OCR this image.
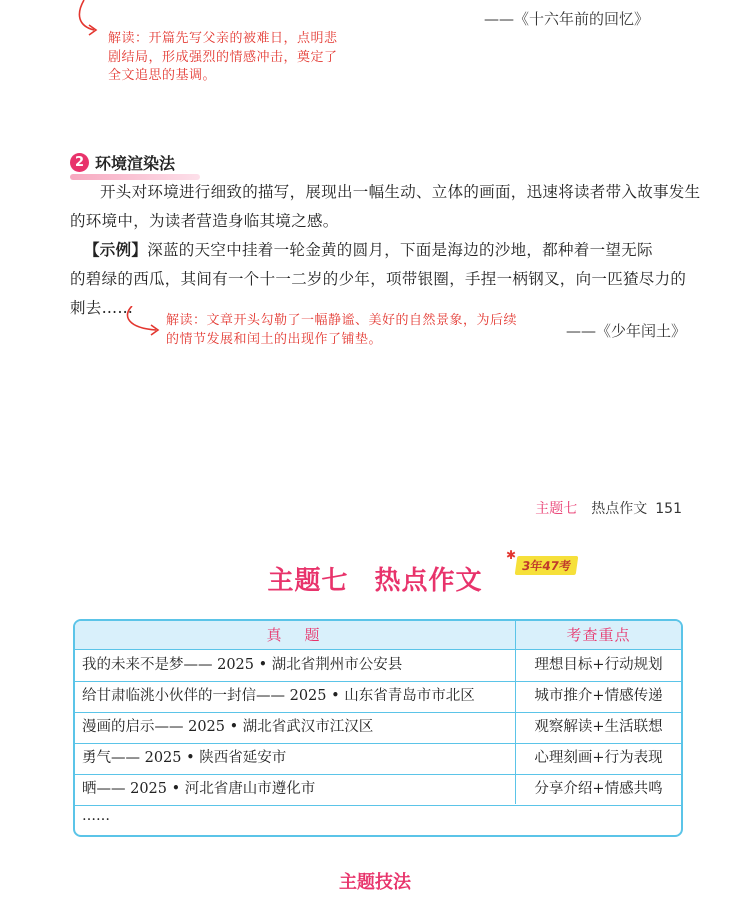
——《十六年前的回忆》
解读：开篇先写父亲的被难日，点明悲
剧结局，形成强烈的情感冲击，奠定了
全文追思的基调。
2 环境渲染法
开头对环境进行细致的描写，展现出一幅生动、立体的画面，迅速将读者带入故事发生
的环境中，为读者营造身临其境之感。
【示例】深蓝的天空中挂着一轮金黄的圆月，下面是海边的沙地，都种着一望无际
的碧绿的西瓜，其间有一个十一二岁的少年，项带银圈，手捏一柄钢叉，向一匹猹尽力的
刺去……
解读：文章开头勾勒了一幅静谧、美好的自然景象，为后续
的情节发展和闰土的出现作了铺垫。	——《少年闰土》
主题七 热点作文 151
主题七 热点作文
✱
3年47考
真　题	考查重点
我的未来不是梦—— 2025 • 湖北省荆州市公安县	理想目标+行动规划
给甘肃临洮小伙伴的一封信—— 2025 • 山东省青岛市市北区	城市推介+情感传递
漫画的启示—— 2025 • 湖北省武汉市江汉区	观察解读+生活联想
勇气—— 2025 • 陕西省延安市	心理刻画+行为表现
晒—— 2025 • 河北省唐山市遵化市	分享介绍+情感共鸣
……
主题技法
